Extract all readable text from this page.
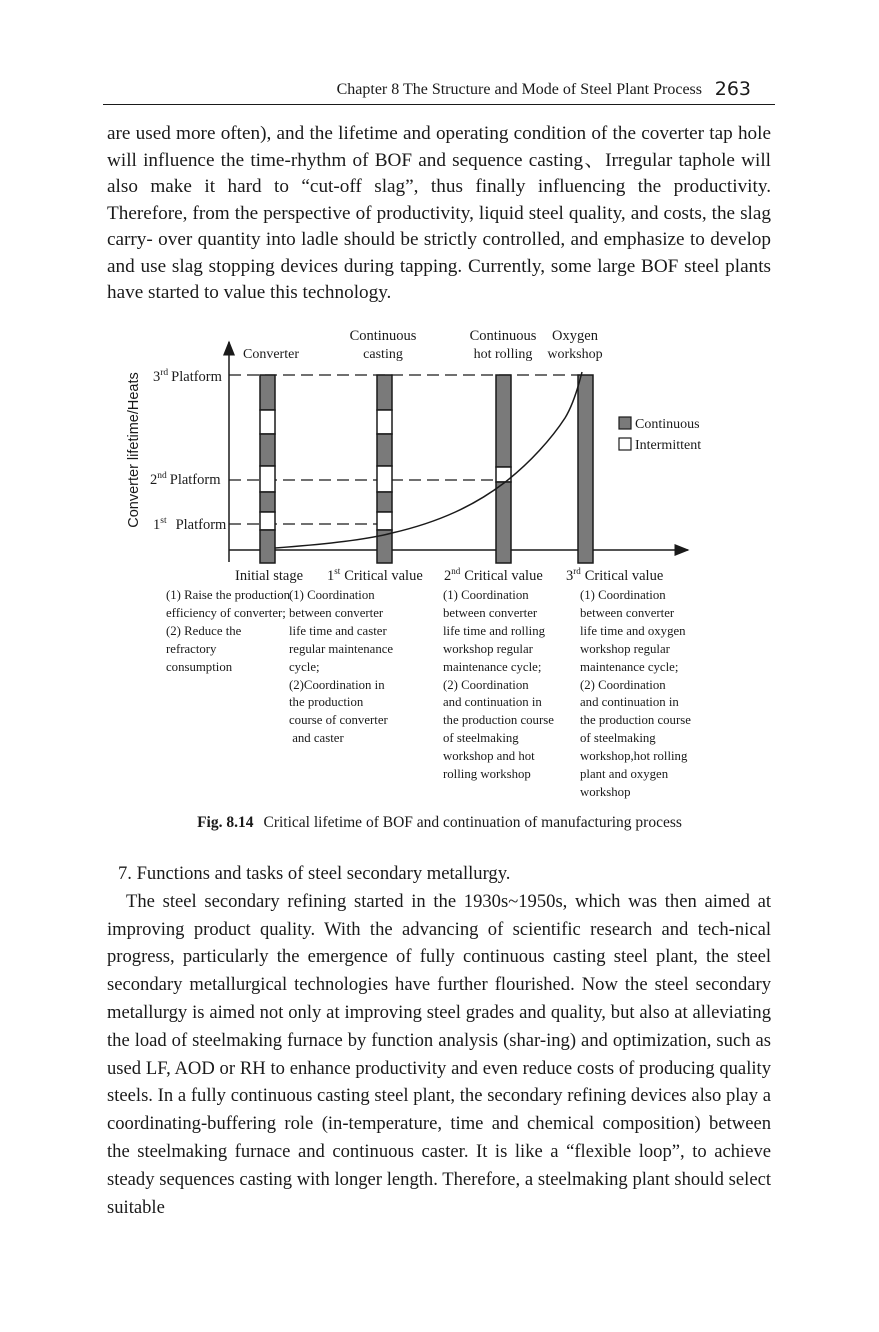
Chapter 8 The Structure and Mode of Steel Plant Process 263

are used more often), and the lifetime and operating condition of the coverter tap hole will influence the time-rhythm of BOF and sequence casting、Irregular taphole will also make it hard to “cut-off slag”, thus finally influencing the productivity. Therefore, from the perspective of productivity, liquid steel quality, and costs, the slag carry- over quantity into ladle should be strictly controlled, and emphasize to develop and use slag stopping devices during tapping. Currently, some large BOF steel plants have started to value this technology.

Converter lifetime/Heats 3rd Platform
2nd Platform
1st Platform
Converter
Continuous
casting
Continuous
hot rolling
Oxygen
workshop
Continuous
Intermittent
Initial stage 1st Critical value 2nd Critical value 3rd Critical value

(1) Raise the production
efficiency of converter;
(2) Reduce the
refractory
consumption

(1) Coordination
between converter
life time and caster
regular maintenance
cycle;
(2)Coordination in
the production
course of converter
and caster

(1) Coordination
between converter
life time and rolling
workshop regular
maintenance cycle;
(2) Coordination
and continuation in
the production course
of steelmaking
workshop and hot
rolling workshop

(1) Coordination
between converter
life time and oxygen
workshop regular
maintenance cycle;
(2) Coordination
and continuation in
the production course
of steelmaking
workshop,hot rolling
plant and oxygen
workshop

Fig. 8.14 Critical lifetime of BOF and continuation of manufacturing process
7. Functions and tasks of steel secondary metallurgy.
The steel secondary refining started in the 1930s~1950s, which was then aimed at improving product quality. With the advancing of scientific research and tech-nical progress, particularly the emergence of fully continuous casting steel plant, the steel secondary metallurgical technologies have further flourished. Now the steel secondary metallurgy is aimed not only at improving steel grades and quality, but also at alleviating the load of steelmaking furnace by function analysis (shar-ing) and optimization, such as used LF, AOD or RH to enhance productivity and even reduce costs of producing quality steels. In a fully continuous casting steel plant, the secondary refining devices also play a coordinating-buffering role (in-temperature, time and chemical composition) between the steelmaking furnace and continuous caster. It is like a “flexible loop”, to achieve steady sequences casting with longer length. Therefore, a steelmaking plant should select suitable
